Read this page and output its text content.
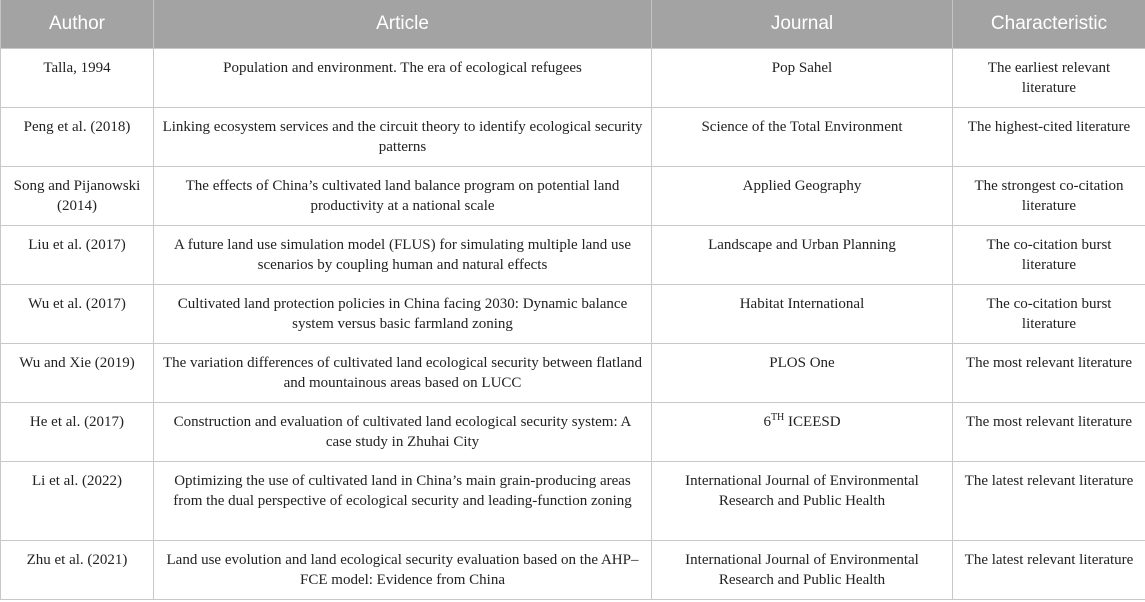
Author	Article	Journal	Characteristic
Talla, 1994	Population and environment. The era of ecological refugees	Pop Sahel	The earliest relevant literature
Peng et al. (2018)	Linking ecosystem services and the circuit theory to identify ecological security patterns	Science of the Total Environment	The highest-cited literature
Song and Pijanowski (2014)	The effects of China’s cultivated land balance program on potential land productivity at a national scale	Applied Geography	The strongest co-citation literature
Liu et al. (2017)	A future land use simulation model (FLUS) for simulating multiple land use scenarios by coupling human and natural effects	Landscape and Urban Planning	The co-citation burst literature
Wu et al. (2017)	Cultivated land protection policies in China facing 2030: Dynamic balance system versus basic farmland zoning	Habitat International	The co-citation burst literature
Wu and Xie (2019)	The variation differences of cultivated land ecological security between flatland and mountainous areas based on LUCC	PLOS One	The most relevant literature
He et al. (2017)	Construction and evaluation of cultivated land ecological security system: A case study in Zhuhai City	6TH ICEESD	The most relevant literature
Li et al. (2022)	Optimizing the use of cultivated land in China’s main grain-producing areas from the dual perspective of ecological security and leading-function zoning	International Journal of Environmental Research and Public Health	The latest relevant literature
Zhu et al. (2021)	Land use evolution and land ecological security evaluation based on the AHP–FCE model: Evidence from China	International Journal of Environmental Research and Public Health	The latest relevant literature
